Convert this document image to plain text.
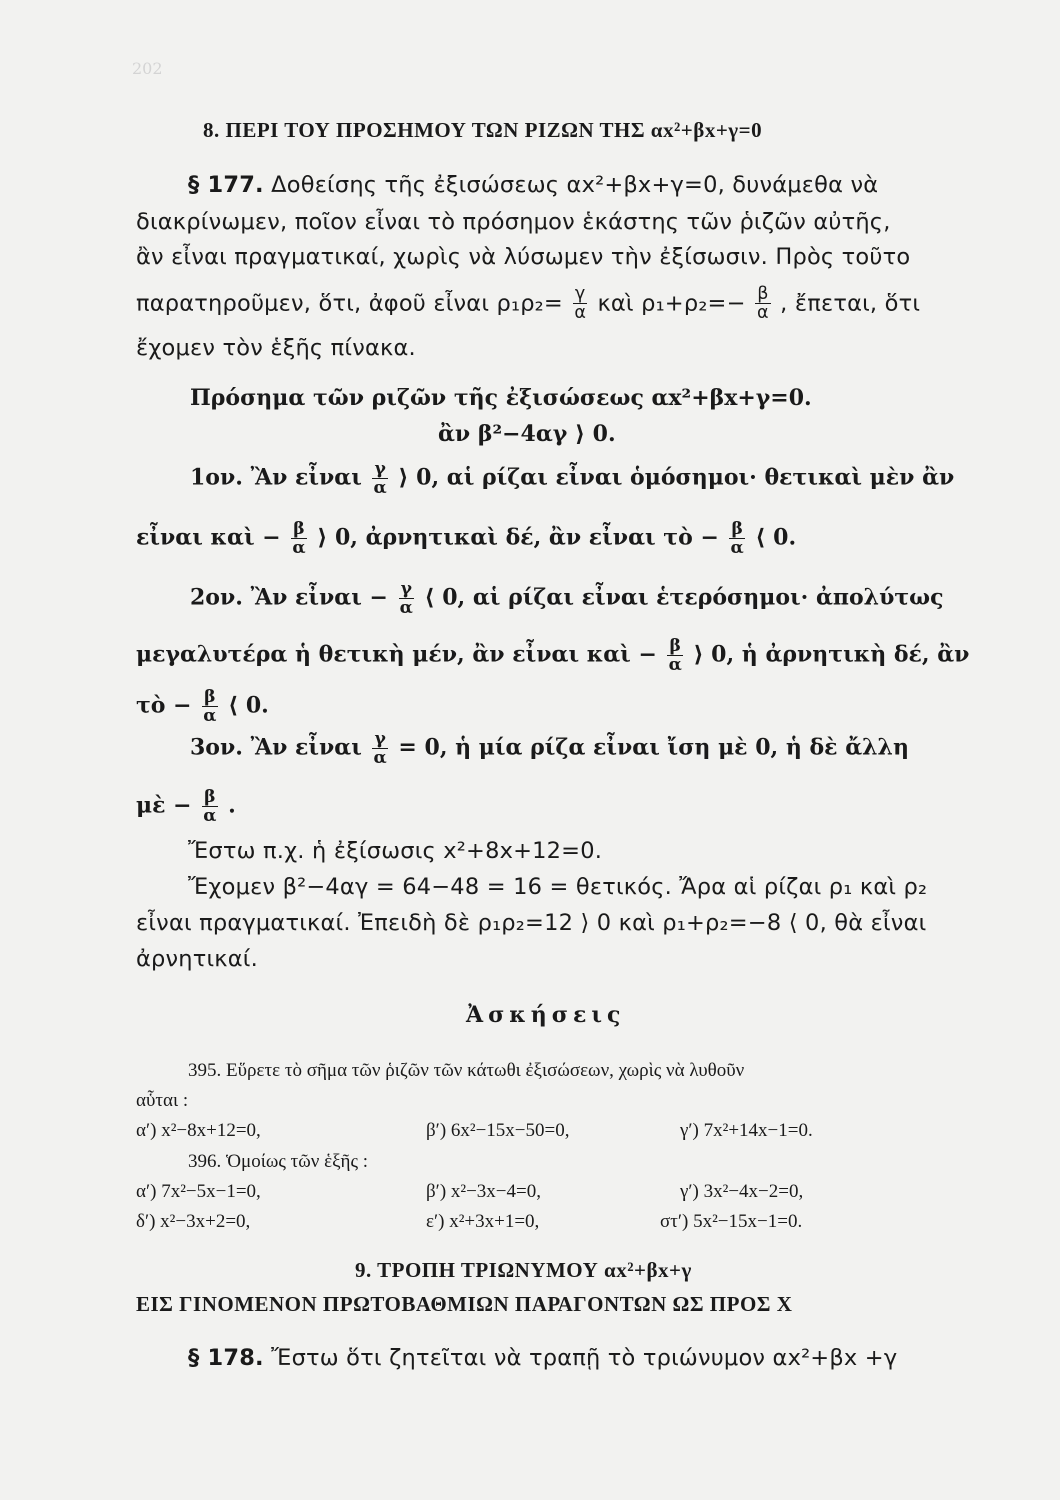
202
8. ΠΕΡΙ ΤΟΥ ΠΡΟΣΗΜΟΥ ΤΩΝ ΡΙΖΩΝ ΤΗΣ αx²+βx+γ=0
§ 177. Δοθείσης τῆς ἐξισώσεως αx²+βx+γ=0, δυνάμεθα νὰ
διακρίνωμεν, ποῖον εἶναι τὸ πρόσημον ἑκάστης τῶν ῥιζῶν αὐτῆς,
ἂν εἶναι πραγματικαί, χωρὶς νὰ λύσωμεν τὴν ἐξίσωσιν. Πρὸς τοῦτο
παρατηροῦμεν, ὅτι, ἀφοῦ εἶναι $\rho_1\rho_2= \frac{\gamma}{\alpha}$ καὶ $\rho_1+\rho_2=- \frac{\beta}{\alpha}$ , ἔπεται, ὅτι
ἔχομεν τὸν ἑξῆς πίνακα.
Πρόσημα τῶν ριζῶν τῆς ἐξισώσεως αx²+βx+γ=0.
ἂν β²−4αγ ⟩ 0.
1ον. Ἂν εἶναι $\frac{\gamma}{\alpha}$ ⟩ 0, αἱ ρίζαι εἶναι ὁμόσημοι· θετικαὶ μὲν ἂν
εἶναι καὶ − $\frac{\beta}{\alpha}$ ⟩ 0, ἀρνητικαὶ δέ, ἂν εἶναι τὸ − $\frac{\beta}{\alpha}$ ⟨ 0.
2ον. Ἂν εἶναι − $\frac{\gamma}{\alpha}$ ⟨ 0, αἱ ρίζαι εἶναι ἑτερόσημοι· ἀπολύτως
μεγαλυτέρα ἡ θετικὴ μέν, ἂν εἶναι καὶ − $\frac{\beta}{\alpha}$ ⟩ 0, ἡ ἀρνητικὴ δέ, ἂν
τὸ − $\frac{\beta}{\alpha}$ ⟨ 0.
3ον. Ἂν εἶναι $\frac{\gamma}{\alpha} = 0$, ἡ μία ρίζα εἶναι ἴση μὲ 0, ἡ δὲ ἄλλη
μὲ − $\frac{\beta}{\alpha}$ .
Ἔστω π.χ. ἡ ἐξίσωσις x²+8x+12=0.
Ἔχομεν β²−4αγ = 64−48 = 16 = θετικός. Ἄρα αἱ ρίζαι ρ₁ καὶ ρ₂
εἶναι πραγματικαί. Ἐπειδὴ δὲ ρ₁ρ₂=12 ⟩ 0 καὶ ρ₁+ρ₂=−8 ⟨ 0, θὰ εἶναι
ἀρνητικαί.
Ἀσκήσεις
395. Εὕρετε τὸ σῆμα τῶν ῥιζῶν τῶν κάτωθι ἐξισώσεων, χωρὶς νὰ λυθοῦν
αὗται :
α′) x²−8x+12=0,	β′) 6x²−15x−50=0,	γ′) 7x²+14x−1=0.
396. Ὁμοίως τῶν ἑξῆς :
α′) 7x²−5x−1=0,	β′) x²−3x−4=0,	γ′) 3x²−4x−2=0,
δ′) x²−3x+2=0,	ε′) x²+3x+1=0,	στ′) 5x²−15x−1=0.
9. ΤΡΟΠΗ ΤΡΙΩΝΥΜΟΥ αx²+βx+γ
ΕΙΣ ΓΙΝΟΜΕΝΟΝ ΠΡΩΤΟΒΑΘΜΙΩΝ ΠΑΡΑΓΟΝΤΩΝ ΩΣ ΠΡΟΣ Χ
§ 178. Ἔστω ὅτι ζητεῖται νὰ τραπῇ τὸ τριώνυμον αx²+βx +γ
